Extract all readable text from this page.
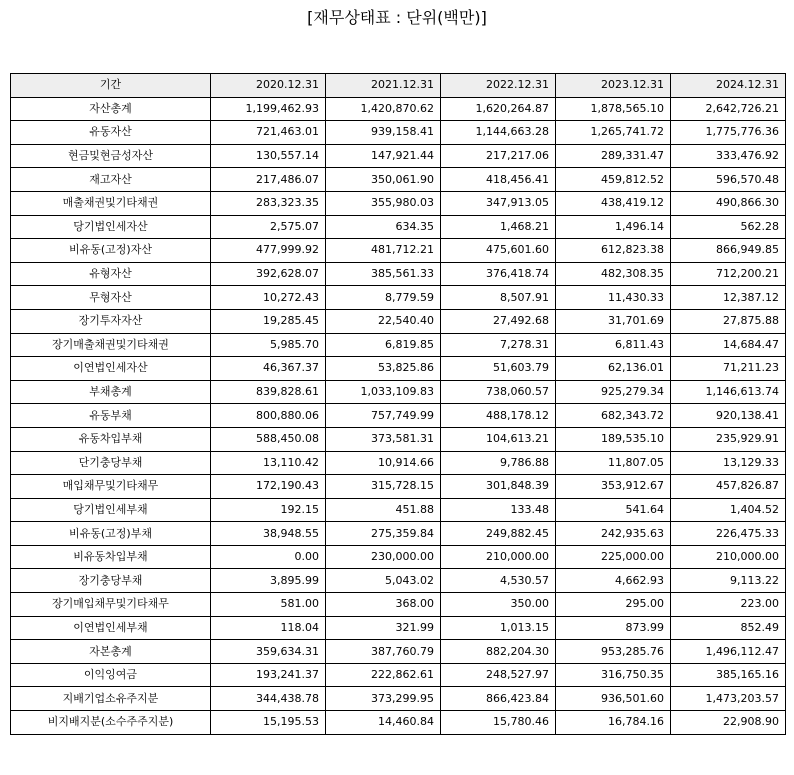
[재무상태표 : 단위(백만)]
기간	2020.12.31	2021.12.31	2022.12.31	2023.12.31	2024.12.31
자산총계	1,199,462.93	1,420,870.62	1,620,264.87	1,878,565.10	2,642,726.21
유동자산	721,463.01	939,158.41	1,144,663.28	1,265,741.72	1,775,776.36
현금및현금성자산	130,557.14	147,921.44	217,217.06	289,331.47	333,476.92
재고자산	217,486.07	350,061.90	418,456.41	459,812.52	596,570.48
매출채권및기타채권	283,323.35	355,980.03	347,913.05	438,419.12	490,866.30
당기법인세자산	2,575.07	634.35	1,468.21	1,496.14	562.28
비유동(고정)자산	477,999.92	481,712.21	475,601.60	612,823.38	866,949.85
유형자산	392,628.07	385,561.33	376,418.74	482,308.35	712,200.21
무형자산	10,272.43	8,779.59	8,507.91	11,430.33	12,387.12
장기투자자산	19,285.45	22,540.40	27,492.68	31,701.69	27,875.88
장기매출채권및기타채권	5,985.70	6,819.85	7,278.31	6,811.43	14,684.47
이연법인세자산	46,367.37	53,825.86	51,603.79	62,136.01	71,211.23
부채총계	839,828.61	1,033,109.83	738,060.57	925,279.34	1,146,613.74
유동부채	800,880.06	757,749.99	488,178.12	682,343.72	920,138.41
유동차입부채	588,450.08	373,581.31	104,613.21	189,535.10	235,929.91
단기충당부채	13,110.42	10,914.66	9,786.88	11,807.05	13,129.33
매입채무및기타채무	172,190.43	315,728.15	301,848.39	353,912.67	457,826.87
당기법인세부채	192.15	451.88	133.48	541.64	1,404.52
비유동(고정)부채	38,948.55	275,359.84	249,882.45	242,935.63	226,475.33
비유동차입부채	0.00	230,000.00	210,000.00	225,000.00	210,000.00
장기충당부채	3,895.99	5,043.02	4,530.57	4,662.93	9,113.22
장기매입채무및기타채무	581.00	368.00	350.00	295.00	223.00
이연법인세부채	118.04	321.99	1,013.15	873.99	852.49
자본총계	359,634.31	387,760.79	882,204.30	953,285.76	1,496,112.47
이익잉여금	193,241.37	222,862.61	248,527.97	316,750.35	385,165.16
지배기업소유주지분	344,438.78	373,299.95	866,423.84	936,501.60	1,473,203.57
비지배지분(소수주주지분)	15,195.53	14,460.84	15,780.46	16,784.16	22,908.90
